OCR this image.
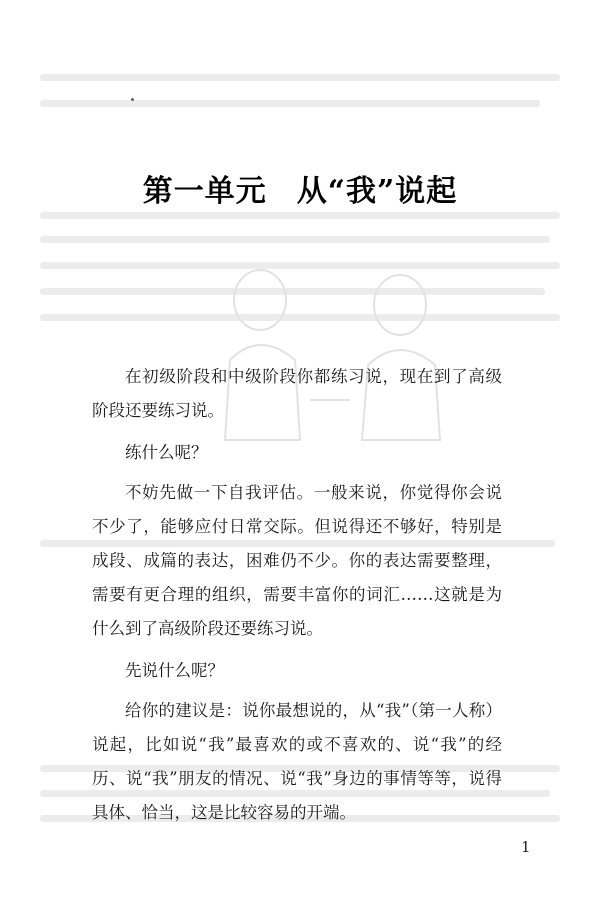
第一单元 从“我”说起

在初级阶段和中级阶段你都练习说，现在到了高级阶段还要练习说。

练什么呢？

不妨先做一下自我评估。一般来说，你觉得你会说不少了，能够应付日常交际。但说得还不够好，特别是成段、成篇的表达，困难仍不少。你的表达需要整理，需要有更合理的组织，需要丰富你的词汇……这就是为什么到了高级阶段还要练习说。

先说什么呢？

给你的建议是：说你最想说的，从“我”（第一人称）说起，比如说“我”最喜欢的或不喜欢的、说“我”的经历、说“我”朋友的情况、说“我”身边的事情等等，说得具体、恰当，这是比较容易的开端。

1
